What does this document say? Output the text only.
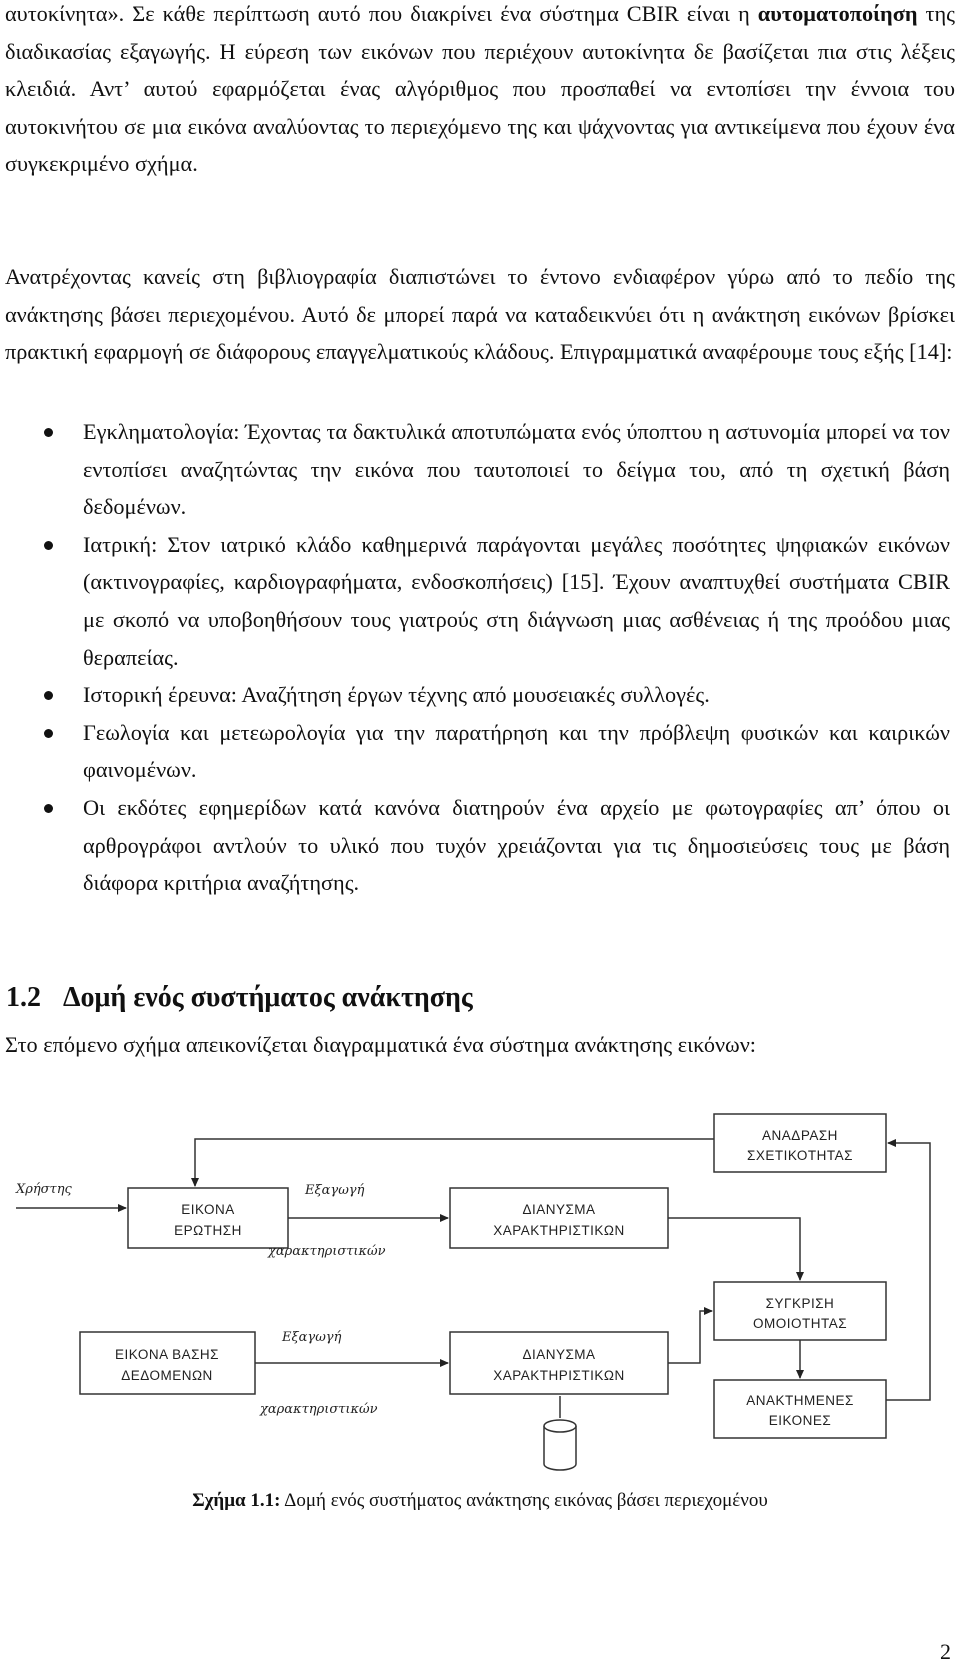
αυτοκίνητα». Σε κάθε περίπτωση αυτό που διακρίνει ένα σύστημα CBIR είναι η αυτοματοποίηση της διαδικασίας εξαγωγής. Η εύρεση των εικόνων που περιέχουν αυτοκίνητα δε βασίζεται πια στις λέξεις κλειδιά. Αντ’ αυτού εφαρμόζεται ένας αλγόριθμος που προσπαθεί να εντοπίσει την έννοια του αυτοκινήτου σε μια εικόνα αναλύοντας το περιεχόμενο της και ψάχνοντας για αντικείμενα που έχουν ένα συγκεκριμένο σχήμα.

Ανατρέχοντας κανείς στη βιβλιογραφία διαπιστώνει το έντονο ενδιαφέρον γύρω από το πεδίο της ανάκτησης βάσει περιεχομένου. Αυτό δε μπορεί παρά να καταδεικνύει ότι η ανάκτηση εικόνων βρίσκει πρακτική εφαρμογή σε διάφορους επαγγελματικούς κλάδους. Επιγραμματικά αναφέρουμε τους εξής [14]:

Εγκληματολογία: Έχοντας τα δακτυλικά αποτυπώματα ενός ύποπτου η αστυνομία μπορεί να τον εντοπίσει αναζητώντας την εικόνα που ταυτοποιεί το δείγμα του, από τη σχετική βάση δεδομένων.
Ιατρική: Στον ιατρικό κλάδο καθημερινά παράγονται μεγάλες ποσότητες ψηφιακών εικόνων (ακτινογραφίες, καρδιογραφήματα, ενδοσκοπήσεις) [15]. Έχουν αναπτυχθεί συστήματα CBIR με σκοπό να υποβοηθήσουν τους γιατρούς στη διάγνωση μιας ασθένειας ή της προόδου μιας θεραπείας.
Ιστορική έρευνα: Αναζήτηση έργων τέχνης από μουσειακές συλλογές.
Γεωλογία και μετεωρολογία για την παρατήρηση και την πρόβλεψη φυσικών και καιρικών φαινομένων.
Οι εκδότες εφημερίδων κατά κανόνα διατηρούν ένα αρχείο με φωτογραφίες απ’ όπου οι αρθρογράφοι αντλούν το υλικό που τυχόν χρειάζονται για τις δημοσιεύσεις τους με βάση διάφορα κριτήρια αναζήτησης.
1.2 Δομή ενός συστήματος ανάκτησης

Στο επόμενο σχήμα απεικονίζεται διαγραμματικά ένα σύστημα ανάκτησης εικόνων:

ΑΝΑΔΡΑΣΗ
ΣΧΕΤΙΚΟΤΗΤΑΣ
ΕΙΚΟΝΑ
ΕΡΩΤΗΣΗ
Χρήστης	Εξαγωγή
χαρακτηριστικών
ΔΙΑΝΥΣΜΑ
ΧΑΡΑΚΤΗΡΙΣΤΙΚΩΝ
ΣΥΓΚΡΙΣΗ
ΟΜΟΙΟΤΗΤΑΣ
ΕΙΚΟΝΑ ΒΑΣΗΣ
ΔΕΔΟΜΕΝΩΝ
Εξαγωγή
χαρακτηριστικών
ΔΙΑΝΥΣΜΑ
ΧΑΡΑΚΤΗΡΙΣΤΙΚΩΝ
ΑΝΑΚΤΗΜΕΝΕΣ
ΕΙΚΟΝΕΣ

Σχήμα 1.1: Δομή ενός συστήματος ανάκτησης εικόνας βάσει περιεχομένου

2
